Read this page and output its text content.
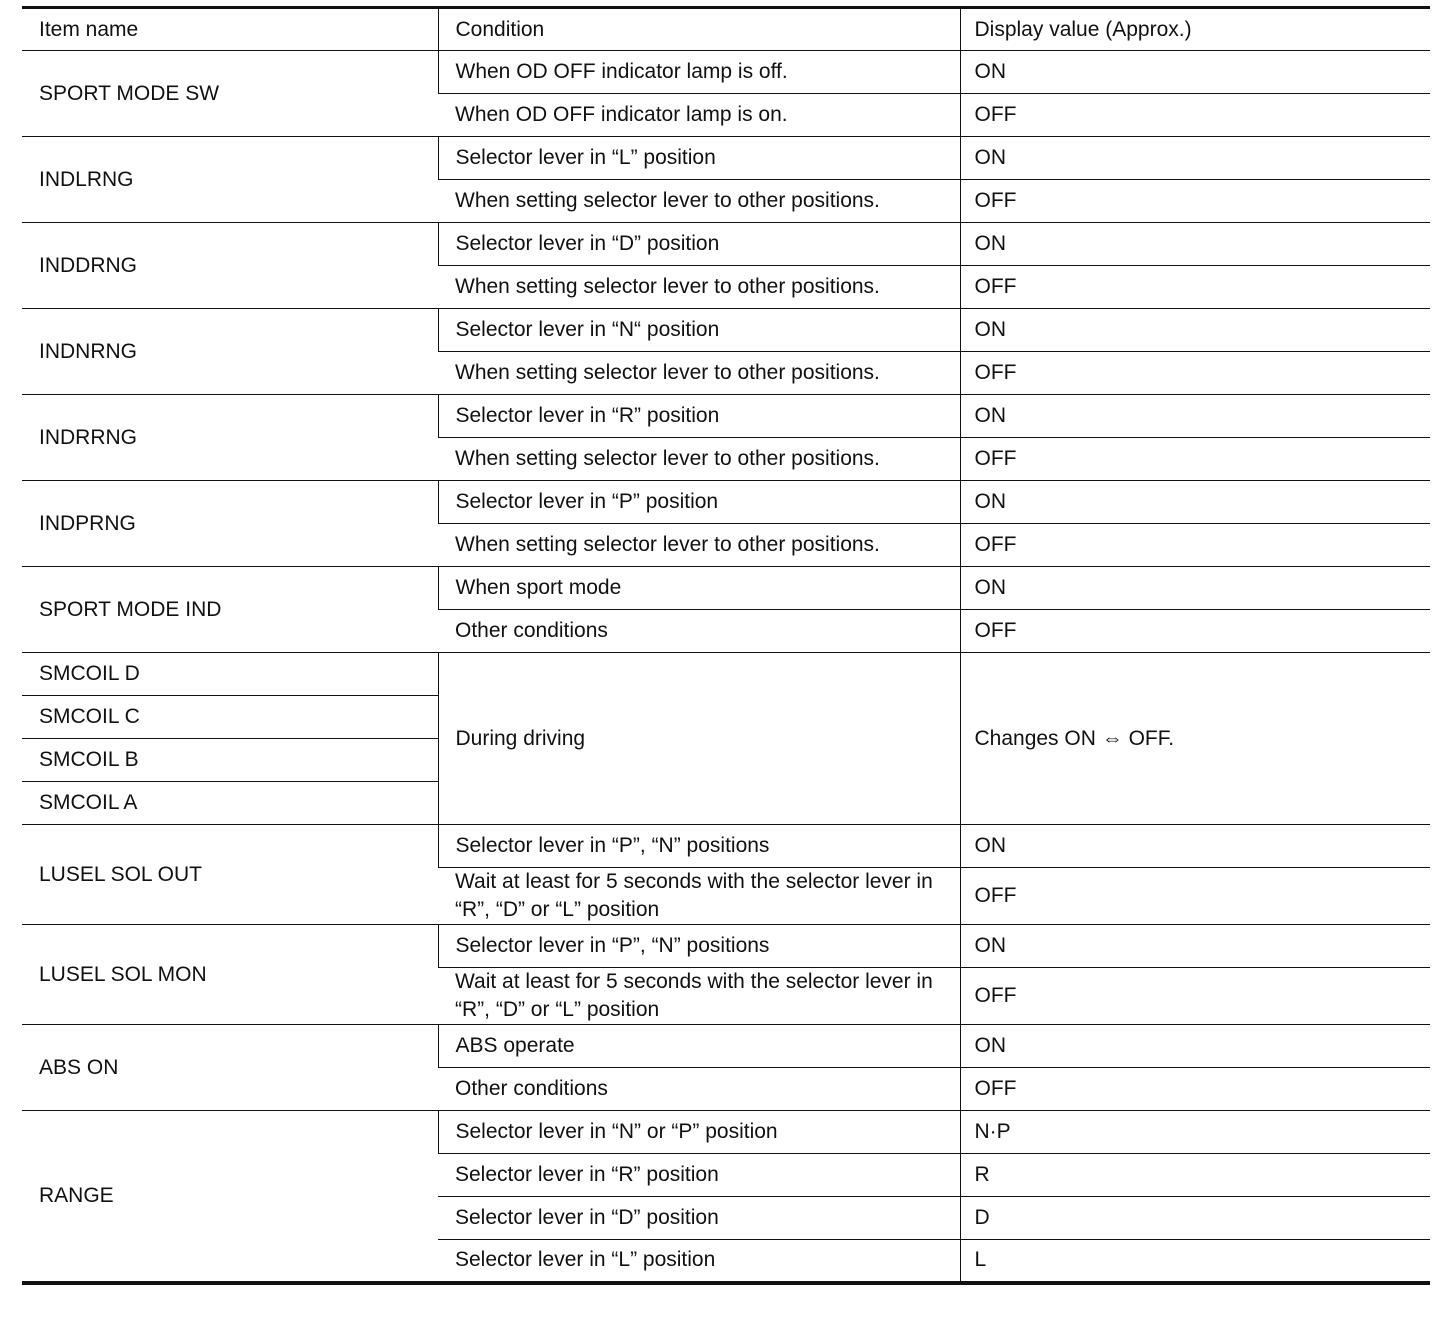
Item name	Condition	Display value (Approx.)
SPORT MODE SW	When OD OFF indicator lamp is off.	ON
	When OD OFF indicator lamp is on.	OFF
INDLRNG	Selector lever in “L” position	ON
	When setting selector lever to other positions.	OFF
INDDRNG	Selector lever in “D” position	ON
	When setting selector lever to other positions.	OFF
INDNRNG	Selector lever in “N“ position	ON
	When setting selector lever to other positions.	OFF
INDRRNG	Selector lever in “R” position	ON
	When setting selector lever to other positions.	OFF
INDPRNG	Selector lever in “P” position	ON
	When setting selector lever to other positions.	OFF
SPORT MODE IND	When sport mode	ON
	Other conditions	OFF
SMCOIL D	During driving	Changes ON ⇔ OFF.
SMCOIL C		
SMCOIL B		
SMCOIL A		
LUSEL SOL OUT	Selector lever in “P”, “N” positions	ON
	Wait at least for 5 seconds with the selector lever in “R”, “D” or “L” position	OFF
LUSEL SOL MON	Selector lever in “P”, “N” positions	ON
	Wait at least for 5 seconds with the selector lever in “R”, “D” or “L” position	OFF
ABS ON	ABS operate	ON
	Other conditions	OFF
RANGE	Selector lever in “N” or “P” position	N·P
	Selector lever in “R” position	R
	Selector lever in “D” position	D
	Selector lever in “L” position	L
